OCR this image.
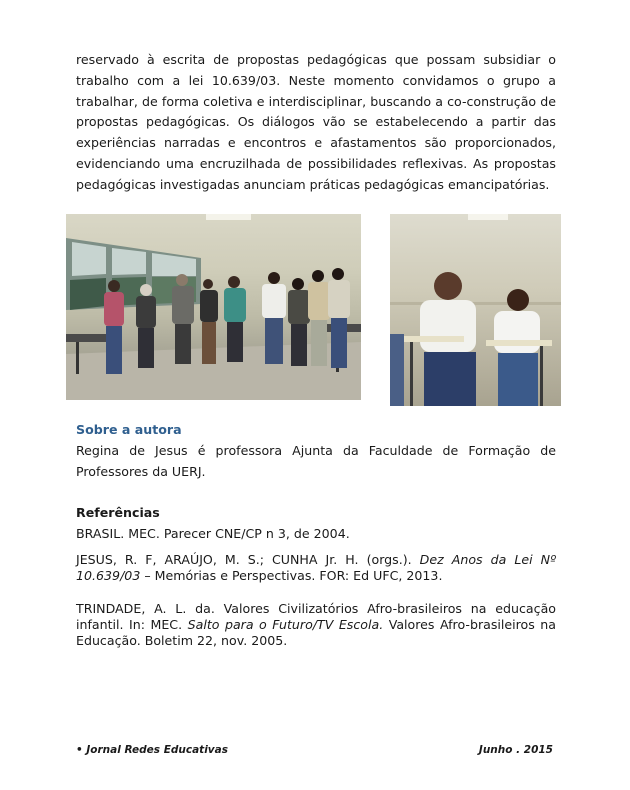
reservado à escrita de propostas pedagógicas que possam subsidiar o trabalho com a lei 10.639/03. Neste momento convidamos o grupo a trabalhar, de forma coletiva e interdisciplinar, buscando a co-construção de propostas pedagógicas. Os diálogos vão se estabelecendo a partir das experiências narradas e encontros e afastamentos são proporcionados, evidenciando uma encruzilhada de possibilidades reflexivas. As propostas pedagógicas investigadas anunciam práticas pedagógicas emancipatórias.

Sobre a autora

Regina de Jesus é professora Ajunta da Faculdade de Formação de Professores da UERJ.

Referências

BRASIL. MEC. Parecer CNE/CP n 3, de 2004.

JESUS, R. F, ARAÚJO, M. S.; CUNHA Jr. H. (orgs.). Dez Anos da Lei Nº 10.639/03 – Memórias e Perspectivas. FOR: Ed UFC, 2013.

TRINDADE, A. L. da. Valores Civilizatórios Afro-brasileiros na educação infantil. In: MEC. Salto para o Futuro/TV Escola. Valores Afro-brasileiros na Educação. Boletim 22, nov. 2005.

• Jornal Redes Educativas	Junho . 2015
